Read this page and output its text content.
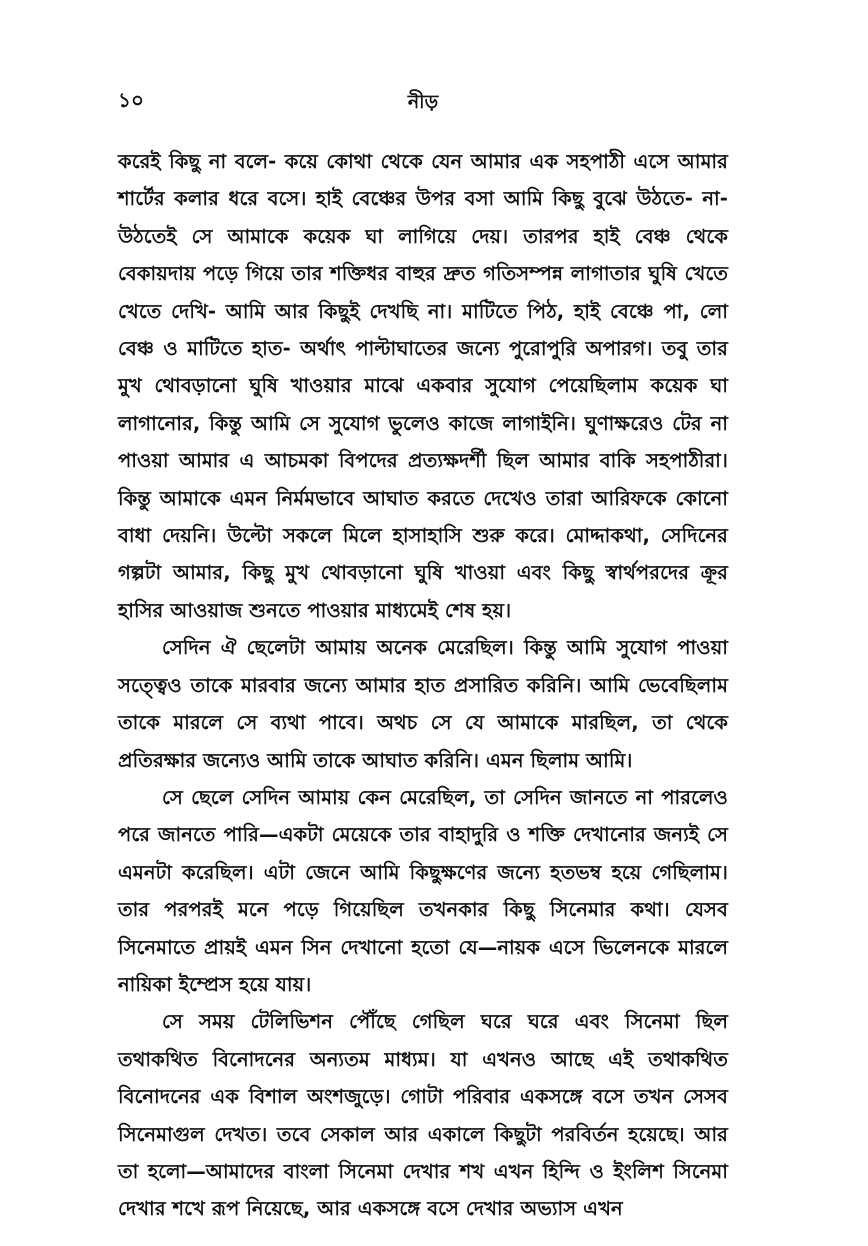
১০	নীড়

করেই কিছু না বলে- কয়ে কোথা থেকে যেন আমার এক সহপাঠী এসে আমার শার্টের কলার ধরে বসে। হাই বেঞ্চের উপর বসা আমি কিছু বুঝে উঠতে- না- উঠতেই সে আমাকে কয়েক ঘা লাগিয়ে দেয়। তারপর হাই বেঞ্চ থেকে বেকায়দায় পড়ে গিয়ে তার শক্তিধর বাহুর দ্রুত গতিসম্পন্ন লাগাতার ঘুষি খেতে খেতে দেখি- আমি আর কিছুই দেখছি না। মাটিতে পিঠ, হাই বেঞ্চে পা, লো বেঞ্চ ও মাটিতে হাত- অর্থাৎ পাল্টাঘাতের জন্যে পুরোপুরি অপারগ। তবু তার মুখ থোবড়ানো ঘুষি খাওয়ার মাঝে একবার সুযোগ পেয়েছিলাম কয়েক ঘা লাগানোর, কিন্তু আমি সে সুযোগ ভুলেও কাজে লাগাইনি। ঘুণাক্ষরেও টের না পাওয়া আমার এ আচমকা বিপদের প্রত্যক্ষদর্শী ছিল আমার বাকি সহপাঠীরা। কিন্তু আমাকে এমন নির্মমভাবে আঘাত করতে দেখেও তারা আরিফকে কোনো বাধা দেয়নি। উল্টো সকলে মিলে হাসাহাসি শুরু করে। মোদ্দাকথা, সেদিনের গল্পটা আমার, কিছু মুখ থোবড়ানো ঘুষি খাওয়া এবং কিছু স্বার্থপরদের ক্রূর হাসির আওয়াজ শুনতে পাওয়ার মাধ্যমেই শেষ হয়।

সেদিন ঐ ছেলেটা আমায় অনেক মেরেছিল। কিন্তু আমি সুযোগ পাওয়া সত্ত্বেও তাকে মারবার জন্যে আমার হাত প্রসারিত করিনি। আমি ভেবেছিলাম তাকে মারলে সে ব্যথা পাবে। অথচ সে যে আমাকে মারছিল, তা থেকে প্রতিরক্ষার জন্যেও আমি তাকে আঘাত করিনি। এমন ছিলাম আমি।

সে ছেলে সেদিন আমায় কেন মেরেছিল, তা সেদিন জানতে না পারলেও পরে জানতে পারি—একটা মেয়েকে তার বাহাদুরি ও শক্তি দেখানোর জন্যই সে এমনটা করেছিল। এটা জেনে আমি কিছুক্ষণের জন্যে হতভম্ব হয়ে গেছিলাম। তার পরপরই মনে পড়ে গিয়েছিল তখনকার কিছু সিনেমার কথা। যেসব সিনেমাতে প্রায়ই এমন সিন দেখানো হতো যে—নায়ক এসে ভিলেনকে মারলে নায়িকা ইম্প্রেস হয়ে যায়।

সে সময় টেলিভিশন পৌঁছে গেছিল ঘরে ঘরে এবং সিনেমা ছিল তথাকথিত বিনোদনের অন্যতম মাধ্যম। যা এখনও আছে এই তথাকথিত বিনোদনের এক বিশাল অংশজুড়ে। গোটা পরিবার একসঙ্গে বসে তখন সেসব সিনেমাগুল দেখত। তবে সেকাল আর একালে কিছুটা পরবির্তন হয়েছে। আর তা হলো—আমাদের বাংলা সিনেমা দেখার শখ এখন হিন্দি ও ইংলিশ সিনেমা দেখার শখে রূপ নিয়েছে, আর একসঙ্গে বসে দেখার অভ্যাস এখন
